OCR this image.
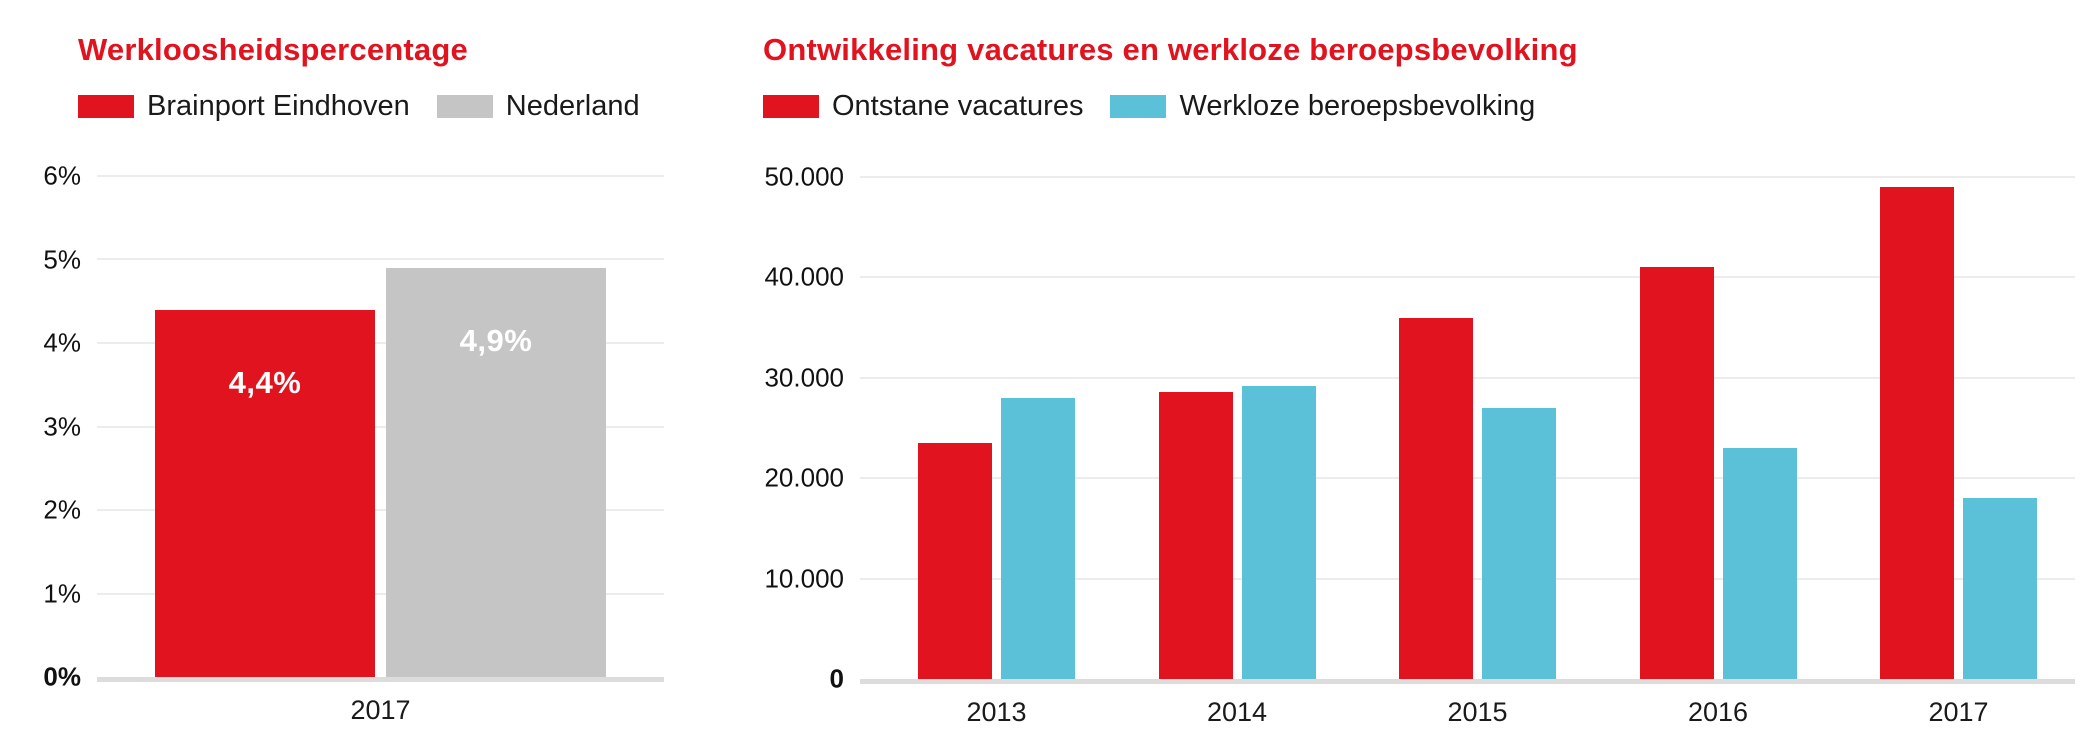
Werkloosheidspercentage
Brainport Eindhoven	Nederland
0%
1%
2%
3%
4%
5%
6%
4,4%
4,9%
2017
Ontwikkeling vacatures en werkloze beroepsbevolking
Ontstane vacatures	Werkloze beroepsbevolking
0
10.000
20.000
30.000
40.000
50.000
2013	2014	2015	2016	2017
